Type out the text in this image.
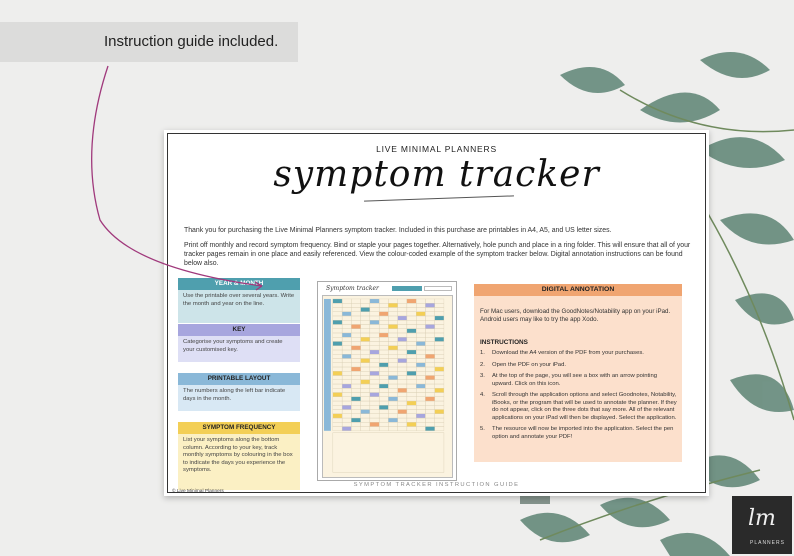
Instruction guide included.
LIVE MINIMAL PLANNERS
symptom tracker
Thank you for purchasing the Live Minimal Planners symptom tracker. Included in this purchase are printables in A4, A5, and US letter sizes.
Print off monthly and record symptom frequency. Bind or staple your pages together. Alternatively, hole punch and place in a ring folder. This will ensure that all of your tracker pages remain in one place and easily referenced. View the colour-coded example of the symptom tracker below. Digital annotation instructions can be found below also.
YEAR & MONTH
Use the printable over several years. Write the month and year on the line.
KEY
Categorise your symptoms and create your customised key.
PRINTABLE LAYOUT
The numbers along the left bar indicate days in the month.
SYMPTOM FREQUENCY
List your symptoms along the bottom column. According to your key, track monthly symptoms by colouring in the box to indicate the days you experience the symptoms.
Symptom tracker	DIGITAL ANNOTATION
For Mac users, download the GoodNotes/Notability app on your iPad. Android users may like to try the app Xodo.
INSTRUCTIONS
1.	Download the A4 version of the PDF from your purchases.
2.	Open the PDF on your iPad.
3.	At the top of the page, you will see a box with an arrow pointing upward. Click on this icon.
4.	Scroll through the application options and select Goodnotes, Notability, iBooks, or the program that will be used to annotate the planner. If they do not appear, click on the three dots that say more. All of the relevant applications on your iPad will then be displayed. Select the application.
5.	The resource will now be imported into the application. Select the pen option and annotate your PDF!
SYMPTOM TRACKER INSTRUCTION GUIDE
© Live Minimal Planners
lm
PLANNERS
